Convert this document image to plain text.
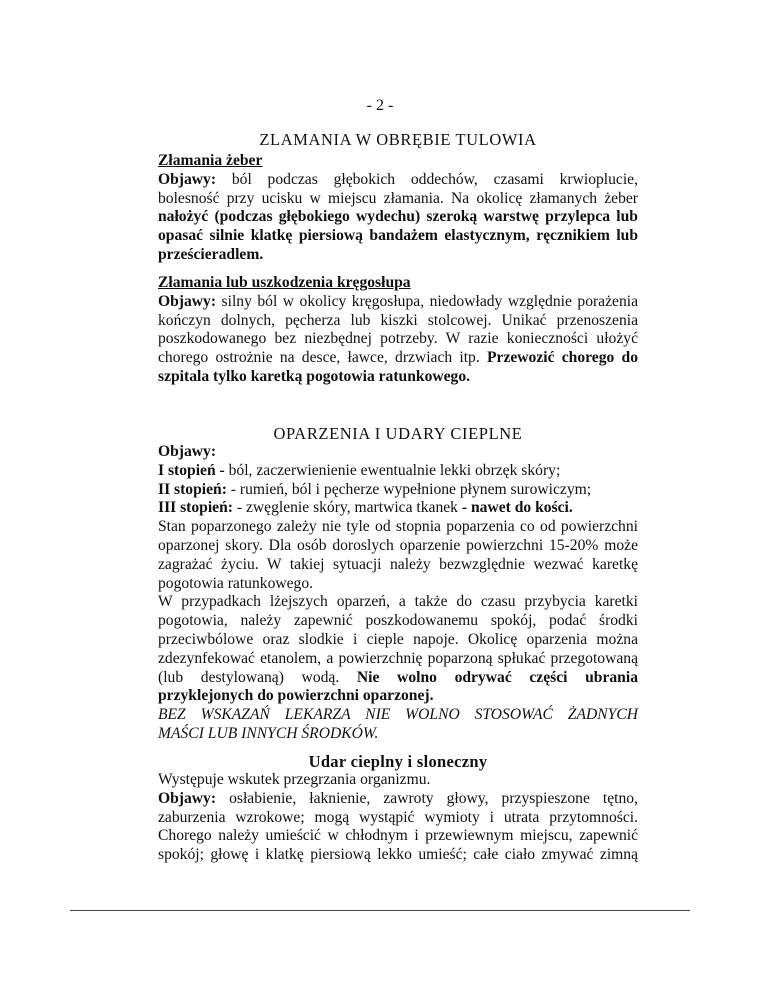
- 2 -
ZLAMANIA W OBRĘBIE TULOWIA
Złamania żeber
Objawy: ból podczas głębokich oddechów, czasami krwioplucie,
bolesność przy ucisku w miejscu złamania. Na okolicę złamanych żeber
nałożyć (podczas głębokiego wydechu) szeroką warstwę przylepca lub
opasać silnie klatkę piersiową bandażem elastycznym, ręcznikiem lub
prześcieradlem.
Złamania lub uszkodzenia kręgosłupa
Objawy: silny ból w okolicy kręgosłupa, niedowłady względnie porażenia
kończyn dolnych, pęcherza lub kiszki stolcowej. Unikać przenoszenia
poszkodowanego bez niezbędnej potrzeby. W razie konieczności ułożyć
chorego ostrożnie na desce, ławce, drzwiach itp. Przewozić chorego do
szpitala tylko karetką pogotowia ratunkowego.
OPARZENIA I UDARY CIEPLNE
Objawy:
I stopień - ból, zaczerwienienie ewentualnie lekki obrzęk skóry;
II stopień: - rumień, ból i pęcherze wypełnione płynem surowiczym;
III stopień: - zwęglenie skóry, martwica tkanek - nawet do kości.
Stan poparzonego zależy nie tyle od stopnia poparzenia co od powierzchni
oparzonej skory. Dla osób doroslych oparzenie powierzchni 15-20% może
zagrażać życiu. W takiej sytuacji należy bezwzględnie wezwać karetkę
pogotowia ratunkowego.
W przypadkach lżejszych oparzeń, a także do czasu przybycia karetki
pogotowia, należy zapewnić poszkodowanemu spokój, podać środki
przeciwbólowe oraz slodkie i cieple napoje. Okolicę oparzenia można
zdezynfekować etanolem, a powierzchnię poparzoną spłukać przegotowaną
(lub destylowaną) wodą. Nie wolno odrywać części ubrania
przyklejonych do powierzchni oparzonej.
BEZ WSKAZAŃ LEKARZA NIE WOLNO STOSOWAĆ ŻADNYCH
MAŚCI LUB INNYCH ŚRODKÓW.
Udar cieplny i sloneczny
Występuje wskutek przegrzania organizmu.
Objawy: osłabienie, łaknienie, zawroty głowy, przyspieszone tętno,
zaburzenia wzrokowe; mogą wystąpić wymioty i utrata przytomności.
Chorego należy umieścić w chłodnym i przewiewnym miejscu, zapewnić
spokój; głowę i klatkę piersiową lekko umieść; całe ciało zmywać zimną
